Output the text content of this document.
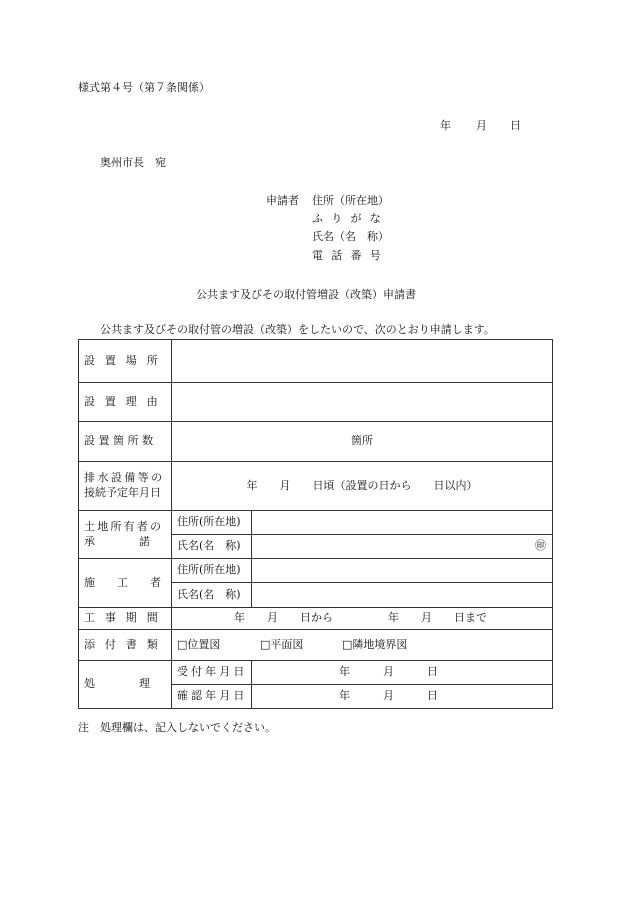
様式第４号（第７条関係）
年 月 日
奥州市長　宛
申請者 住所（所在地）
ふりがな
氏名（名　称）
電話番号
公共ます及びその取付管増設（改築）申請書
公共ます及びその取付管の増設（改築）をしたいので、次のとおり申請します。
設置場所		
設置理由		
設置箇所数	箇所	

排水設備等の
接続予定年月日	年　　月　　日頃（設置の日から　　日以内）	

土地所有者の
承　　　　諾	住所(所在地)	
	氏名(名　称)	㊞
施　　工　　者	住所(所在地)	
	氏名(名　称)	
工事期間	年　　月　　日から　　　　　年　　月　　日まで	
添付書類	□位置図 □平面図 □隣地境界図	
処　　　　理	受付年月日	年　　　月　　　日
	確認年月日	年　　　月　　　日
注　処理欄は、記入しないでください。
